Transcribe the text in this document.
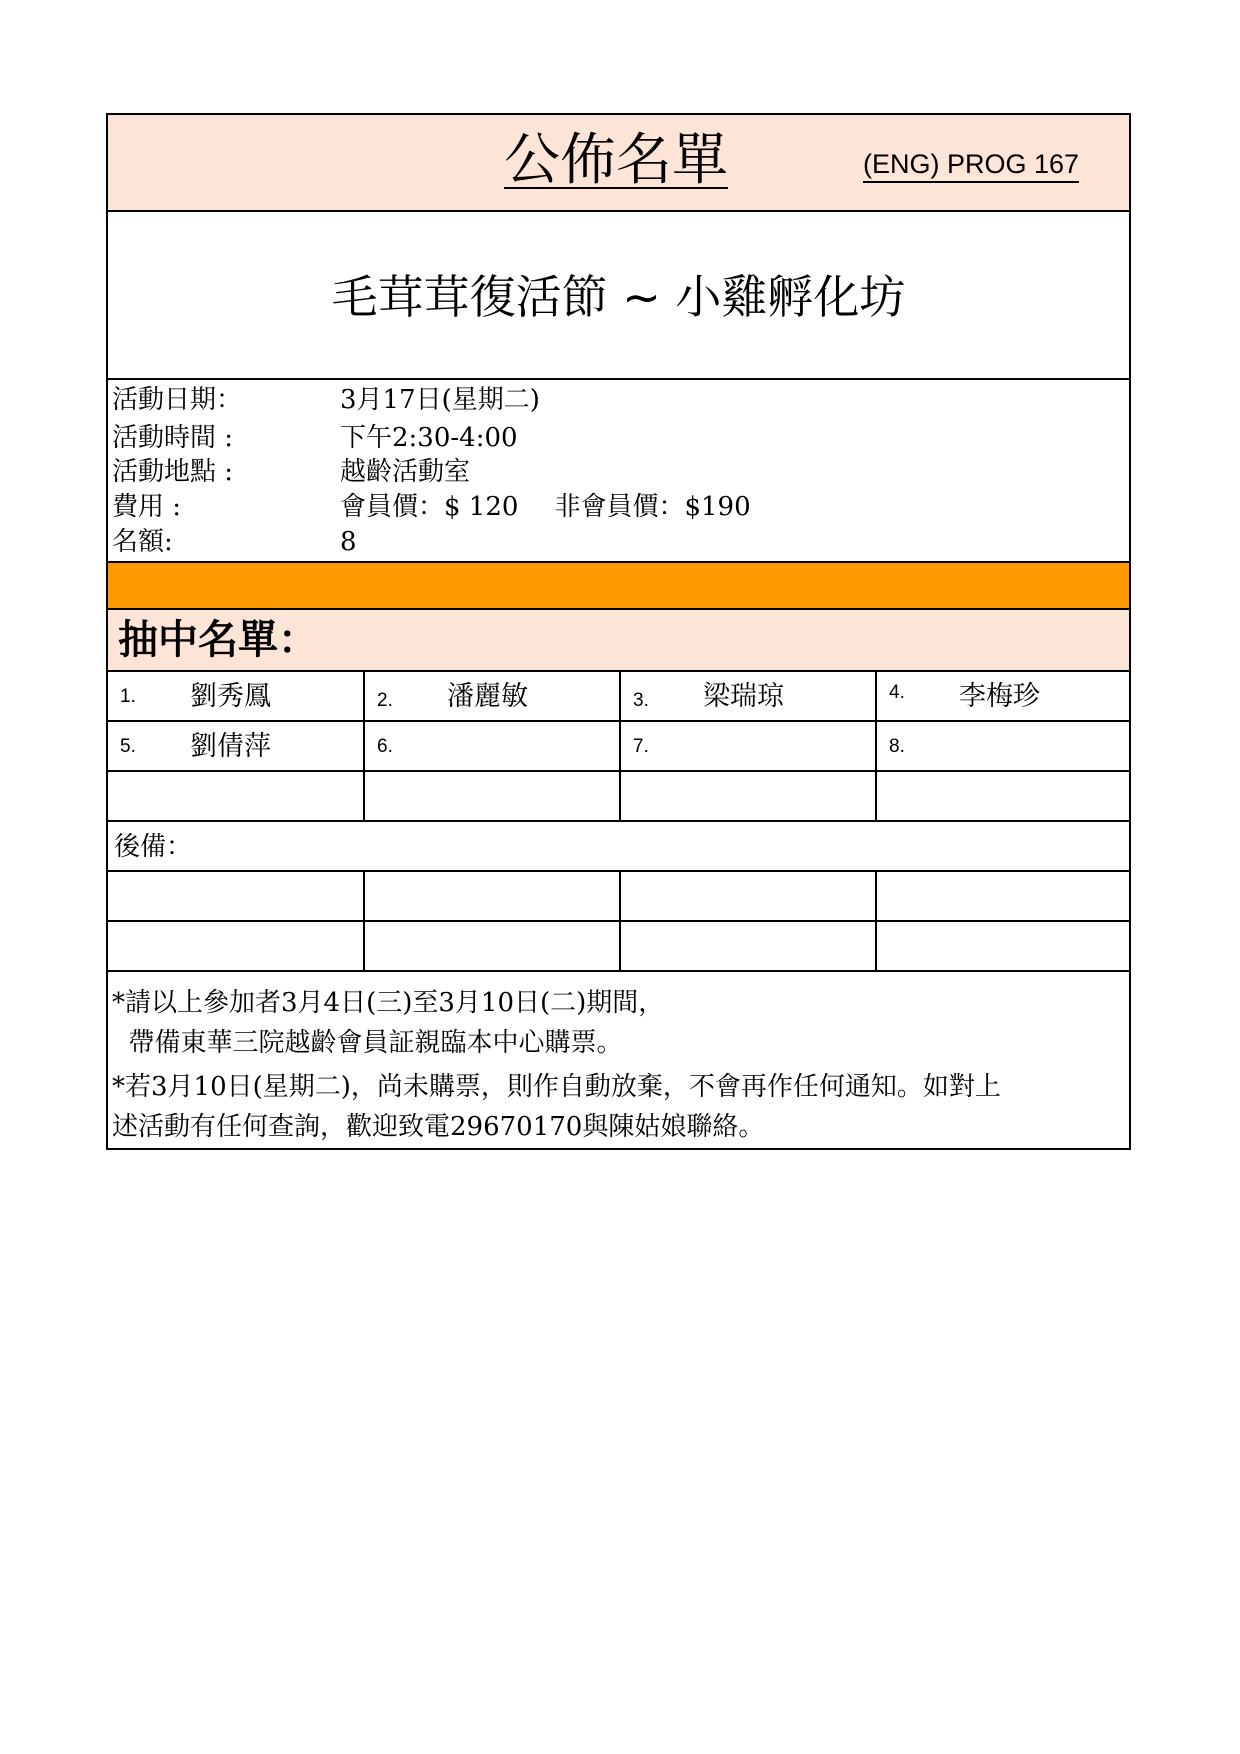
公佈名單	(ENG) PROG 167
毛茸茸復活節 ~ 小雞孵化坊
活動日期：	3月17日(星期二)
活動時間 :	下午2:30-4:00
活動地點 :	越齡活動室
費用 :	會員價：$ 120 非會員價：$190
名額:	8
抽中名單：
1. 劉秀鳳	2. 潘麗敏	3. 梁瑞琼	4. 李梅珍
5. 劉倩萍	6.	7.	8.
後備：
*請以上參加者3月4日(三)至3月10日(二)期間，
帶備東華三院越齡會員証親臨本中心購票。
*若3月10日(星期二)，尚未購票，則作自動放棄，不會再作任何通知。如對上
述活動有任何查詢，歡迎致電29670170與陳姑娘聯絡。
